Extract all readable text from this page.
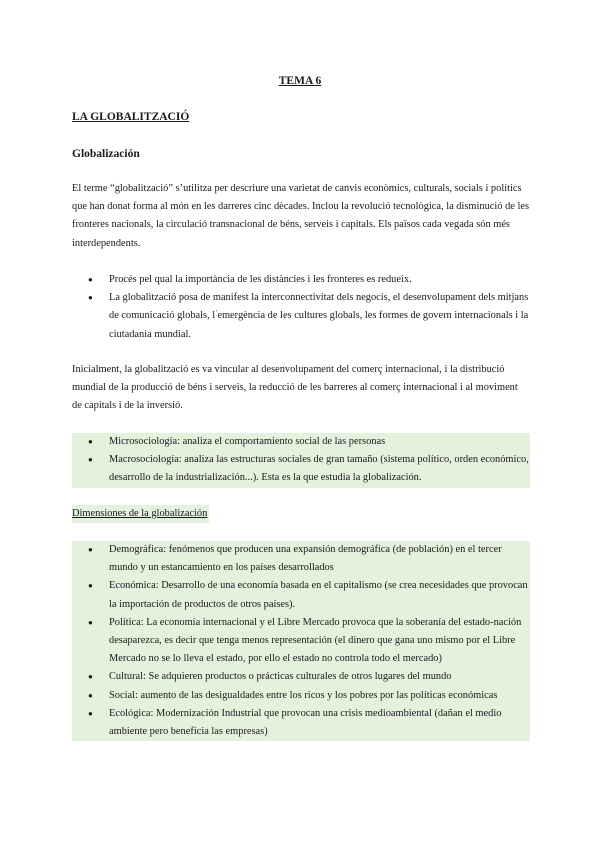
TEMA 6
LA GLOBALITZACIÓ
Globalización
El terme “globalització” s’utilitza per descriure una varietat de canvis econòmics, culturals, socials i polítics que han donat forma al món en les darreres cinc dècades. Inclou la revolució tecnològica, la disminució de les fronteres nacionals, la circulació transnacional de béns, serveis i capitals. Els països cada vegada són més interdependents.
● Procés pel qual la importància de les distàncies i les fronteres es redueix.
● La globalització posa de manifest la interconnectivitat dels negocis, el desenvolupament dels mitjans de comunicació globals, l’emergència de les cultures globals, les formes de govern internacionals i la ciutadania mundial.
Inicialment, la globalització es va vincular al desenvolupament del comerç internacional, i la distribució mundial de la producció de béns i serveis, la reducció de les barreres al comerç internacional i al moviment de capitals i de la inversió.
● Microsociología: analiza el comportamiento social de las personas
● Macrosociología: analiza las estructuras sociales de gran tamaño (sistema político, orden económico, desarrollo de la industrialización...). Esta es la que estudia la globalización.
Dimensiones de la globalización
● Demográfica: fenómenos que producen una expansión demográfica (de población) en el tercer mundo y un estancamiento en los países desarrollados
● Económica: Desarrollo de una economía basada en el capitalismo (se crea necesidades que provocan la importación de productos de otros países).
● Política: La economía internacional y el Libre Mercado provoca que la soberanía del estado-nación desaparezca, es decir que tenga menos representación (el dinero que gana uno mismo por el Libre Mercado no se lo lleva el estado, por ello el estado no controla todo el mercado)
● Cultural: Se adquieren productos o prácticas culturales de otros lugares del mundo
● Social: aumento de las desigualdades entre los ricos y los pobres por las políticas económicas
● Ecológica: Modernización Industrial que provocan una crisis medioambiental (dañan el medio ambiente pero beneficia las empresas)
